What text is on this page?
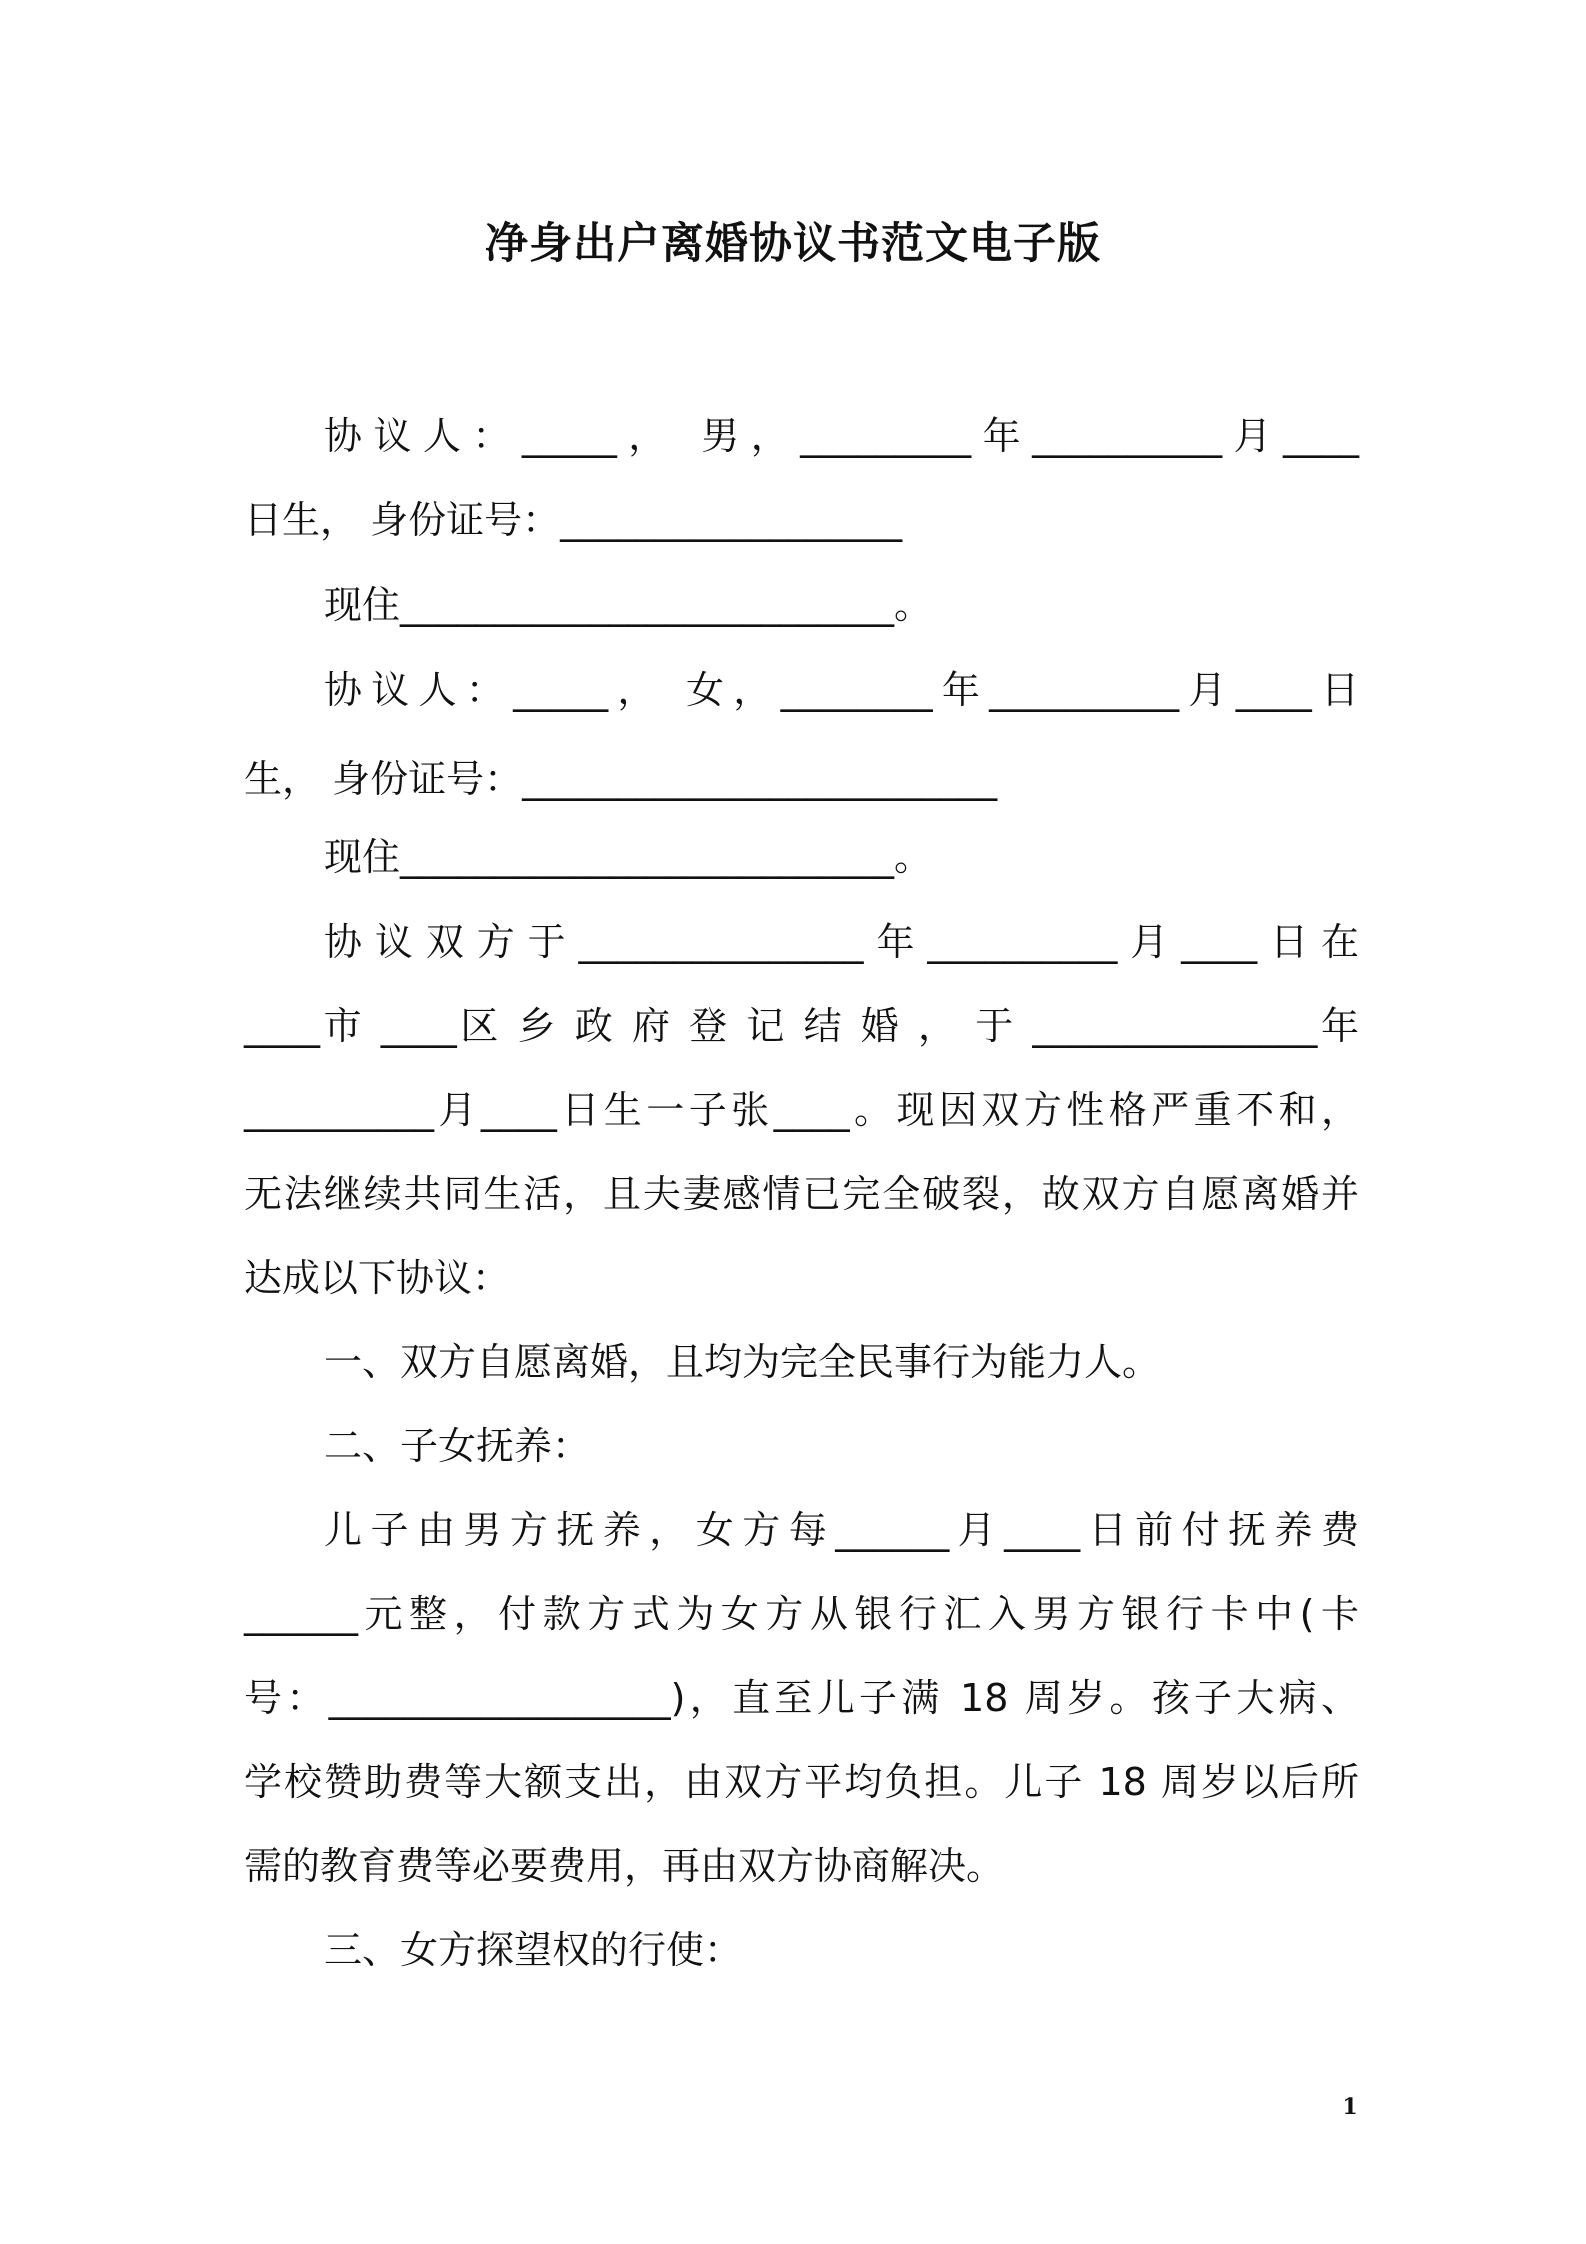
净身出户离婚协议书范文电子版
协议人：_____， 男，_________年__________月____
日生， 身份证号：__________________
现住__________________________。
协议人：_____， 女，________年__________月____日
生， 身份证号：_________________________
现住__________________________。
协议双方于_______________年__________月____日在
____市 ____区 乡 政 府 登 记 结 婚 ， 于 _______________年
__________月____日生一子张____。现因双方性格严重不和，
无法继续共同生活，且夫妻感情已完全破裂，故双方自愿离婚并
达成以下协议：
一、双方自愿离婚，且均为完全民事行为能力人。
二、子女抚养：
儿子由男方抚养，女方每______月____日前付抚养费
______元整，付款方式为女方从银行汇入男方银行卡中(卡
号：__________________)，直至儿子满 18 周岁。孩子大病、
学校赞助费等大额支出，由双方平均负担。儿子 18 周岁以后所
需的教育费等必要费用，再由双方协商解决。
三、女方探望权的行使：
1
